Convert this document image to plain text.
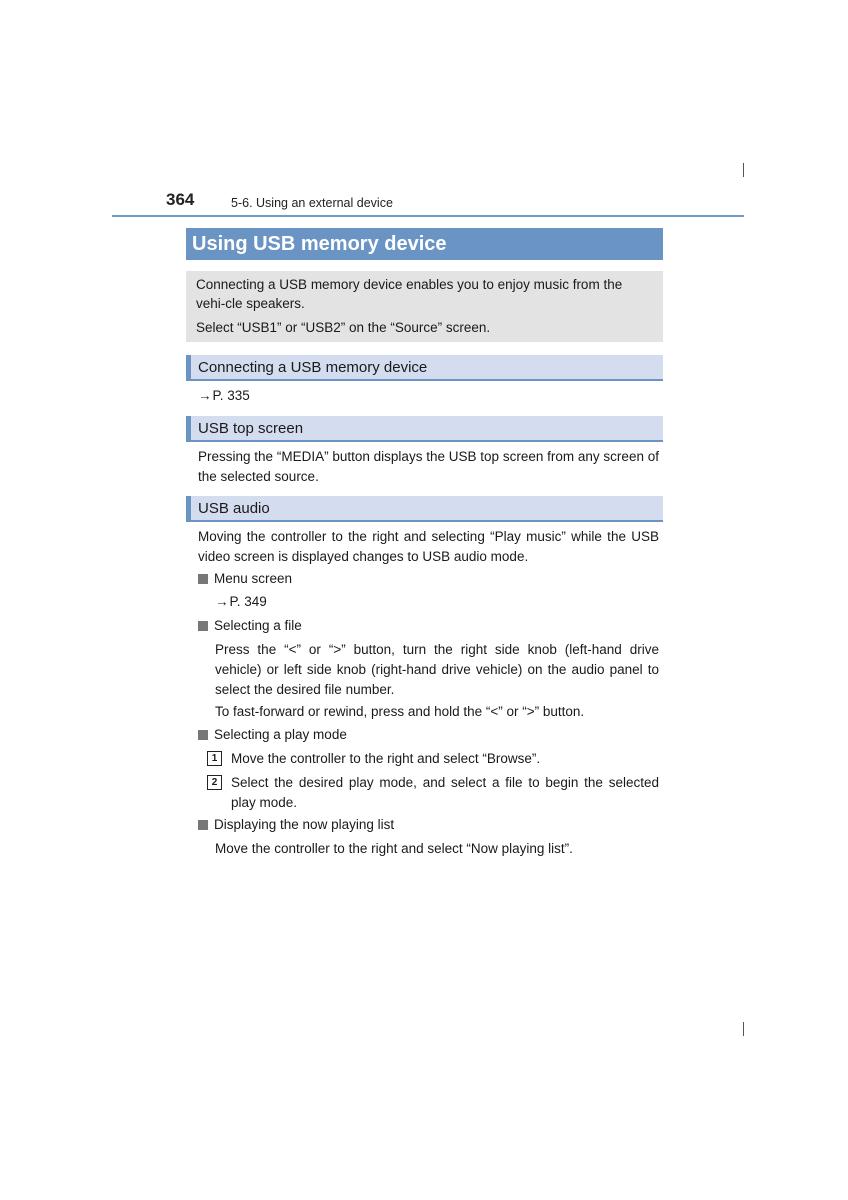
364	5-6. Using an external device
Using USB memory device

Connecting a USB memory device enables you to enjoy music from the vehi-cle speakers.

Select “USB1” or “USB2” on the “Source” screen.

Connecting a USB memory device
→P. 335
USB top screen
Pressing the “MEDIA” button displays the USB top screen from any screen of the selected source.
USB audio
Moving the controller to the right and selecting “Play music” while the USB video screen is displayed changes to USB audio mode.
Menu screen
→P. 349
Selecting a file
Press the “<” or “>” button, turn the right side knob (left-hand drive vehicle) or left side knob (right-hand drive vehicle) on the audio panel to select the desired file number.
To fast-forward or rewind, press and hold the “<” or “>” button.
Selecting a play mode
1	Move the controller to the right and select “Browse”.
2	Select the desired play mode, and select a file to begin the selected play mode.
Displaying the now playing list
Move the controller to the right and select “Now playing list”.
